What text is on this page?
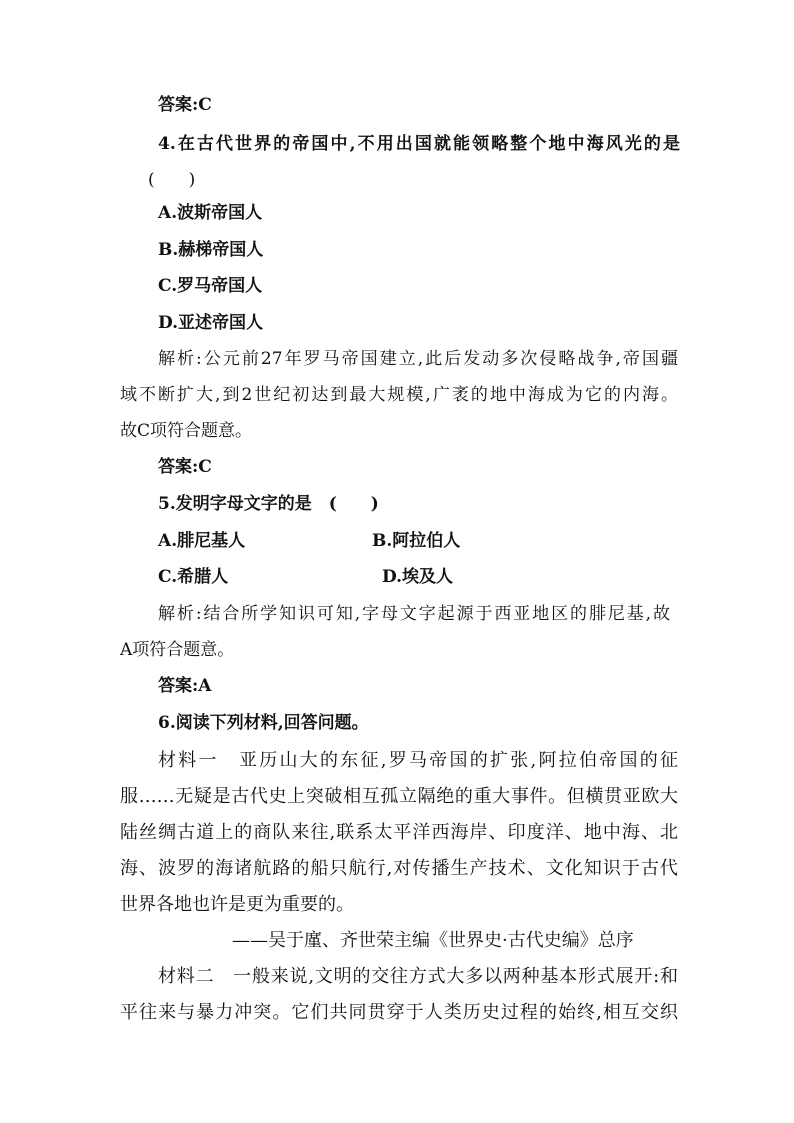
答案:C
4.在古代世界的帝国中,不用出国就能领略整个地中海风光的是
(　　)
A.波斯帝国人
B.赫梯帝国人
C.罗马帝国人
D.亚述帝国人
解析:公元前27年罗马帝国建立,此后发动多次侵略战争,帝国疆
域不断扩大,到2世纪初达到最大规模,广袤的地中海成为它的内海。
故C项符合题意。
答案:C
5.发明字母文字的是　(　　)
A.腓尼基人	B.阿拉伯人
C.希腊人	D.埃及人
解析:结合所学知识可知,字母文字起源于西亚地区的腓尼基,故
A项符合题意。
答案:A
6.阅读下列材料,回答问题。
材料一　亚历山大的东征,罗马帝国的扩张,阿拉伯帝国的征
服……无疑是古代史上突破相互孤立隔绝的重大事件。但横贯亚欧大
陆丝绸古道上的商队来往,联系太平洋西海岸、印度洋、地中海、北
海、波罗的海诸航路的船只航行,对传播生产技术、文化知识于古代
世界各地也许是更为重要的。
——吴于廑、齐世荣主编《世界史·古代史编》总序
材料二　一般来说,文明的交往方式大多以两种基本形式展开:和
平往来与暴力冲突。它们共同贯穿于人类历史过程的始终,相互交织
